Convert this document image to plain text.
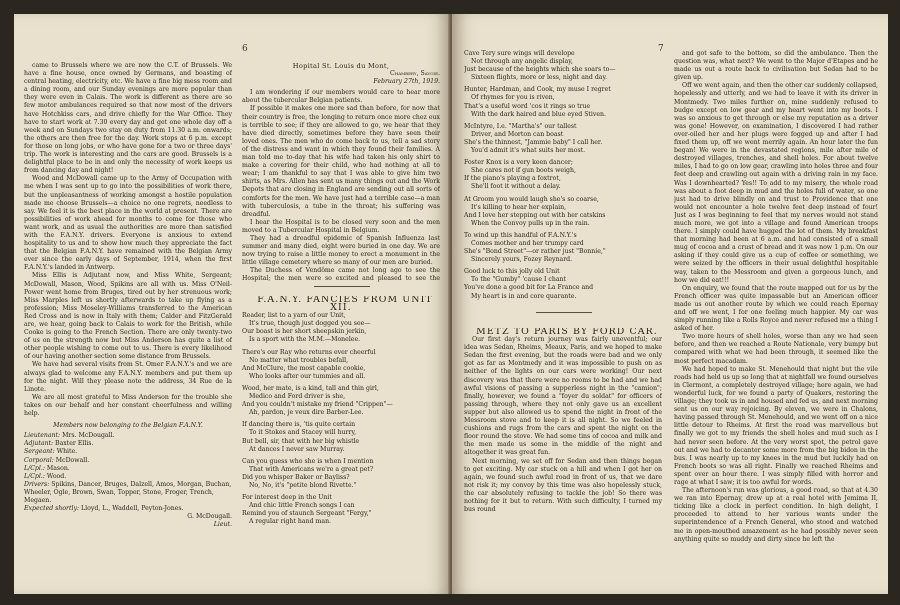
6

came to Brussels where we are now the C.T. of Brussels. We have a fine house, once owned by Germans, and boasting of central heating, electricity, etc. We have a fine big mess room and a dining room, and our Sunday evenings are more popular than they were even in Calais. The work is different as there are so few motor ambulances required so that now most of the drivers have Hotchkiss cars, and drive chiefly for the War Office. They have to start work at 7.30 every day and get one whole day off a week and on Sundays two stay on duty from 11.30 a.m. onwards; the others are then free for the day. Work stops at 6 p.m. except for those on long jobs, or who have gone for a two or three days' trip. The work is interesting and the cars are good. Brussels is a delightful place to be in and only the necessity of work keeps us from dancing day and night!

Wood and McDowall came up to the Army of Occupation with me when I was sent up to go into the possibilities of work there, but the unpleasantness of working amongst a hostile population made me choose Brussels—a choice no one regrets, needless to say. We feel it is the best place in the world at present. There are possibilities of work ahead for months to come for those who want work, and as usual the authorities are more than satisfied with the F.A.N.Y. drivers. Everyone is anxious to extend hospitality to us and to show how much they appreciate the fact that the Belgian F.A.N.Y. have remained with the Belgian Army ever since the early days of September, 1914, when the first F.A.N.Y.'s landed in Antwerp.

Miss Ellis is Adjutant now, and Miss White, Sergeant; McDowall, Mason, Wood, Spikins are all with us. Miss O'Neil-Power went home from Bruges, tired out by her strenuous work; Miss Marples left us shortly afterwards to take up flying as a profession; Miss Moseley-Williams transferred to the American Red Cross and is now in Italy with them; Calder and FitzGerald are, we hear, going back to Calais to work for the British, while Cooke is going to the French Section. There are only twenty-two of us on the strength now but Miss Anderson has quite a list of other people wishing to come out to us. There is every likelihood of our having another section some distance from Brussels.

We have had several visits from St. Omer F.A.N.Y.'s and we are always glad to welcome any F.A.N.Y. members and put them up for the night. Will they please note the address, 34 Rue de la Linote.

We are all most grateful to Miss Anderson for the trouble she takes on our behalf and her constant cheerfulness and willing help.

Members now belonging to the Belgian F.A.N.Y.

Lieutenant: Mrs. McDougall.
Adjutant: Baxter Ellis.
Sergeant: White.
Corporal: McDowall.
L/Cpl.: Mason.
L/Cpl.: Wood.
Drivers: Spikins, Dancer, Bruges, Dalzell, Amos, Morgan, Buchan, Wheeler, Ogle, Brown, Swan, Topper, Stone, Froger, Trench, Megaen.
Expected shortly: Lloyd, L., Waddell, Peyton-Jones.

G. McDougall.

Lieut.

Hopital St. Louis du Mont,

Chambery, Savoie.

February 27th, 1919.

I am wondering if our members would care to hear more about the tubercular Belgian patients.

If possible it makes one more sad than before, for now that their country is free, the longing to return once more chez eux is terrible to see; if they are allowed to go, we hear that they have died directly, sometimes before they have seen their loved ones. The men who do come back to us, tell a sad story of the distress and want in which they found their families. A man told me to-day that his wife had taken his only shirt to make a covering for their child, who had nothing at all to wear; I am thankful to say that I was able to give him two shirts, as Mrs. Allen has sent us many things out and the Work Depots that are closing in England are sending out all sorts of comforts for the men. We have just had a terrible case—a man with tuberculosis, a tube in the throat; his suffering was dreadful.

I hear the Hospital is to be closed very soon and the men moved to a Tubercular Hospital in Belgium.

They had a dreadful epidemic of Spanish Influenza last summer and many died, eight were buried in one day. We are now trying to raise a little money to erect a monument in the little village cemetery where so many of our men are buried.

The Duchess of Vendôme came not long ago to see the Hospital; the men were so excited and pleased to see the

F.A.N.Y. FANCIES FROM UNIT XII.

Reader, list to a yarn of our Unit,
It's true, though just dogged you see—
Our boast is her short sheepskin jerkin,
Is a sport with the M.M.—Monelee.

There's our Ray who returns ever cheerful
No matter what troubles befall,
And McClure, the most capable cookie,
Who looks after our tummies and all.

Wood, her mate, is a kind, tall and thin girl,
Medico and Ford driver is she,
And you couldn't mistake my friend "Crippen"—
Ah, pardon, je veux dire Barber-Lee.

If dancing there is, 'tis quite certain
To it Stokes and Stacey will hurry,
But bell, sir, that with her big whistle
At dances I never saw Murray.

Can you guess who she is when I mention
That with Americans we're a great pet?
Did you whisper Baker or Bayliss?
No, No, it's "petite blond Rivette."

For interest deep in the Unit
And chic little French songs I can
Remind you of staunch Sergeant "Fergy,"
A regular right hand man.

7

Cave Tery sure wings will develope
Not through any angelic display,
Just because of the heights which she soars to—
Sixteen flights, more or less, night and day.

Hunter, Hardman, and Cook, my muse I regret
Of rhymes for you is riven,
That's a useful word 'cos it rings so true
With the dark haired and blue eyed Stiven.

McIntyre, I.e. "Martha's" our tallest
Driver, and Morton can boast
She's the thinnest, "Jammie baby" I call her.
You'd admit it's what suits her most.

Foster Knox is a very keen dancer;
She cares not if gun boots weigh,
If the piano's playing a foxtrot,
She'll foot it without a delay.

At Groom you would laugh she's so coarse,
It's killing to hear her explain,
And I love her stepping out with her catskins
When the Convoy pulls up in the rain.

To wind up this handful of F.A.N.Y.'s
Comes mother and her trumpy card
She's "Bond Street"—or rather just "Bonnie,"
Sincerely yours, Fozey Reynard.

Good luck to this jolly old Unit
To the "Gumby" 'cause I chant
You've done a good bit for La France and
My heart is in and core quarante.

METZ TO PARIS BY FORD CAR.

Our first day's return journey was fairly uneventful; our idea was Sedan, Rheims, Meaux, Paris, and we hoped to make Sedan the first evening, but the roads were bad and we only got as far as Montmedy and it was impossible to push on as neither of the lights on our cars were working! Our next discovery was that there were no rooms to be had and we had awful visions of passing a supperless night in the "camion"; finally, however, we found a "foyer du soldat" for officers of passing through, where they not only gave us an excellent supper but also allowed us to spend the night in front of the Messroom stove and to keep it is all night. So we feeled in cushions and rugs from the cars and spent the night on the floor round the stove. We had some tins of cocoa and milk and the men made us some in the middle of the night and altogether it was great fun.

Next morning, we set off for Sedan and then things began to get exciting. My car stuck on a hill and when I got her on again, we found such awful road in front of us, that we dare not risk it; my convoy by this time was also hopelessly stuck, the car absolutely refusing to tackle the job! So there was nothing for it but to return. With such difficulty, I turned my bus round

and got safe to the bottom, so did the ambulance. Then the question was, what next? We went to the Major d'Etapes and he made us out a route back to civilisation but Sedan had to be given up.

Off we went again, and then the other car suddenly collapsed, hopelessly and utterly, and we had to leave it with its driver in Montmedy. Two miles further on, mine suddenly refused to budge except on low gear and my heart went into my boots. I was so anxious to get through or else my reputation as a driver was gone! However, on examination, I discovered I had rather over-oiled her and her plugs were fogged up and after I had fixed them up, off we went merrily again. An hour later the fun began! We were in the devastated regions, mile after mile of destroyed villages, trenches, and shell holes. For about twelve miles, I had to go on low gear, crawling into holes three and four feet deep and crawling out again with a driving rain in my face. Was I downhearted? Yes!! To add to my misery, the whole road was about a foot deep in mud and the holes full of water, so one just had to drive blindly on and trust to Providence that one would not encounter a hole twelve feet deep instead of four! Just as I was beginning to feel that my nerves would not stand much more, we got into a village and found American troops there. I simply could have hugged the lot of them. My breakfast that morning had been at 6 a.m. and had consisted of a small mug of cocoa and a crust of bread and it was now 1 p.m. On our asking if they could give us a cup of coffee or something, we were seized by the officers in their usual delightful hospitable way, taken to the Messroom and given a gorgeous lunch, and how we did eat!!!

On enquiry, we found that the route mapped out for us by the French officer was quite impassable but an American officer made us out another route by which we could reach Epernay and off we went, I for one feeling much happier. My car was simply running like a Rolls Royce and never refused me a thing I asked of her.

Two more hours of shell holes, worse than any we had seen before, and then we reached a Route Nationale, very bumpy but compared with what we had been through, it seemed like the most perfect macadam.

We had hoped to make St. Menehould that night but the vile roads had held us up so long that at nightfall we found ourselves in Clermont, a completely destroyed village; here again, we had wonderful luck, for we found a party of Quakers, restoring the village; they took us in and housed and fed us, and next morning sent us on our way rejoicing. By eleven, we were in Chalons, having passed through St. Menehould, and we went off on a nice little detour to Rheims. At first the road was marvellous but finally we got to my friends the shell holes and mud such as I had never seen before. At the very worst spot, the petrol gave out and we had to decanter some more from the big bidon in the bus. I was nearly up to my knees in the mud but luckily had on French boots so was all right. Finally we reached Rheims and spent over an hour there. I was simply filled with horror and rage at what I saw; it is too awful for words.

The afternoon's run was glorious, a good road, so that at 4.30 we ran into Epernay, drew up at a real hotel with Jemima II, ticking like a clock in perfect condition. In high delight, I proceeded to attend to her various wants under the superintendence of a French General, who stood and watched me in open-mouthed amazement as he had possibly never seen anything quite so muddy and dirty since he left the
